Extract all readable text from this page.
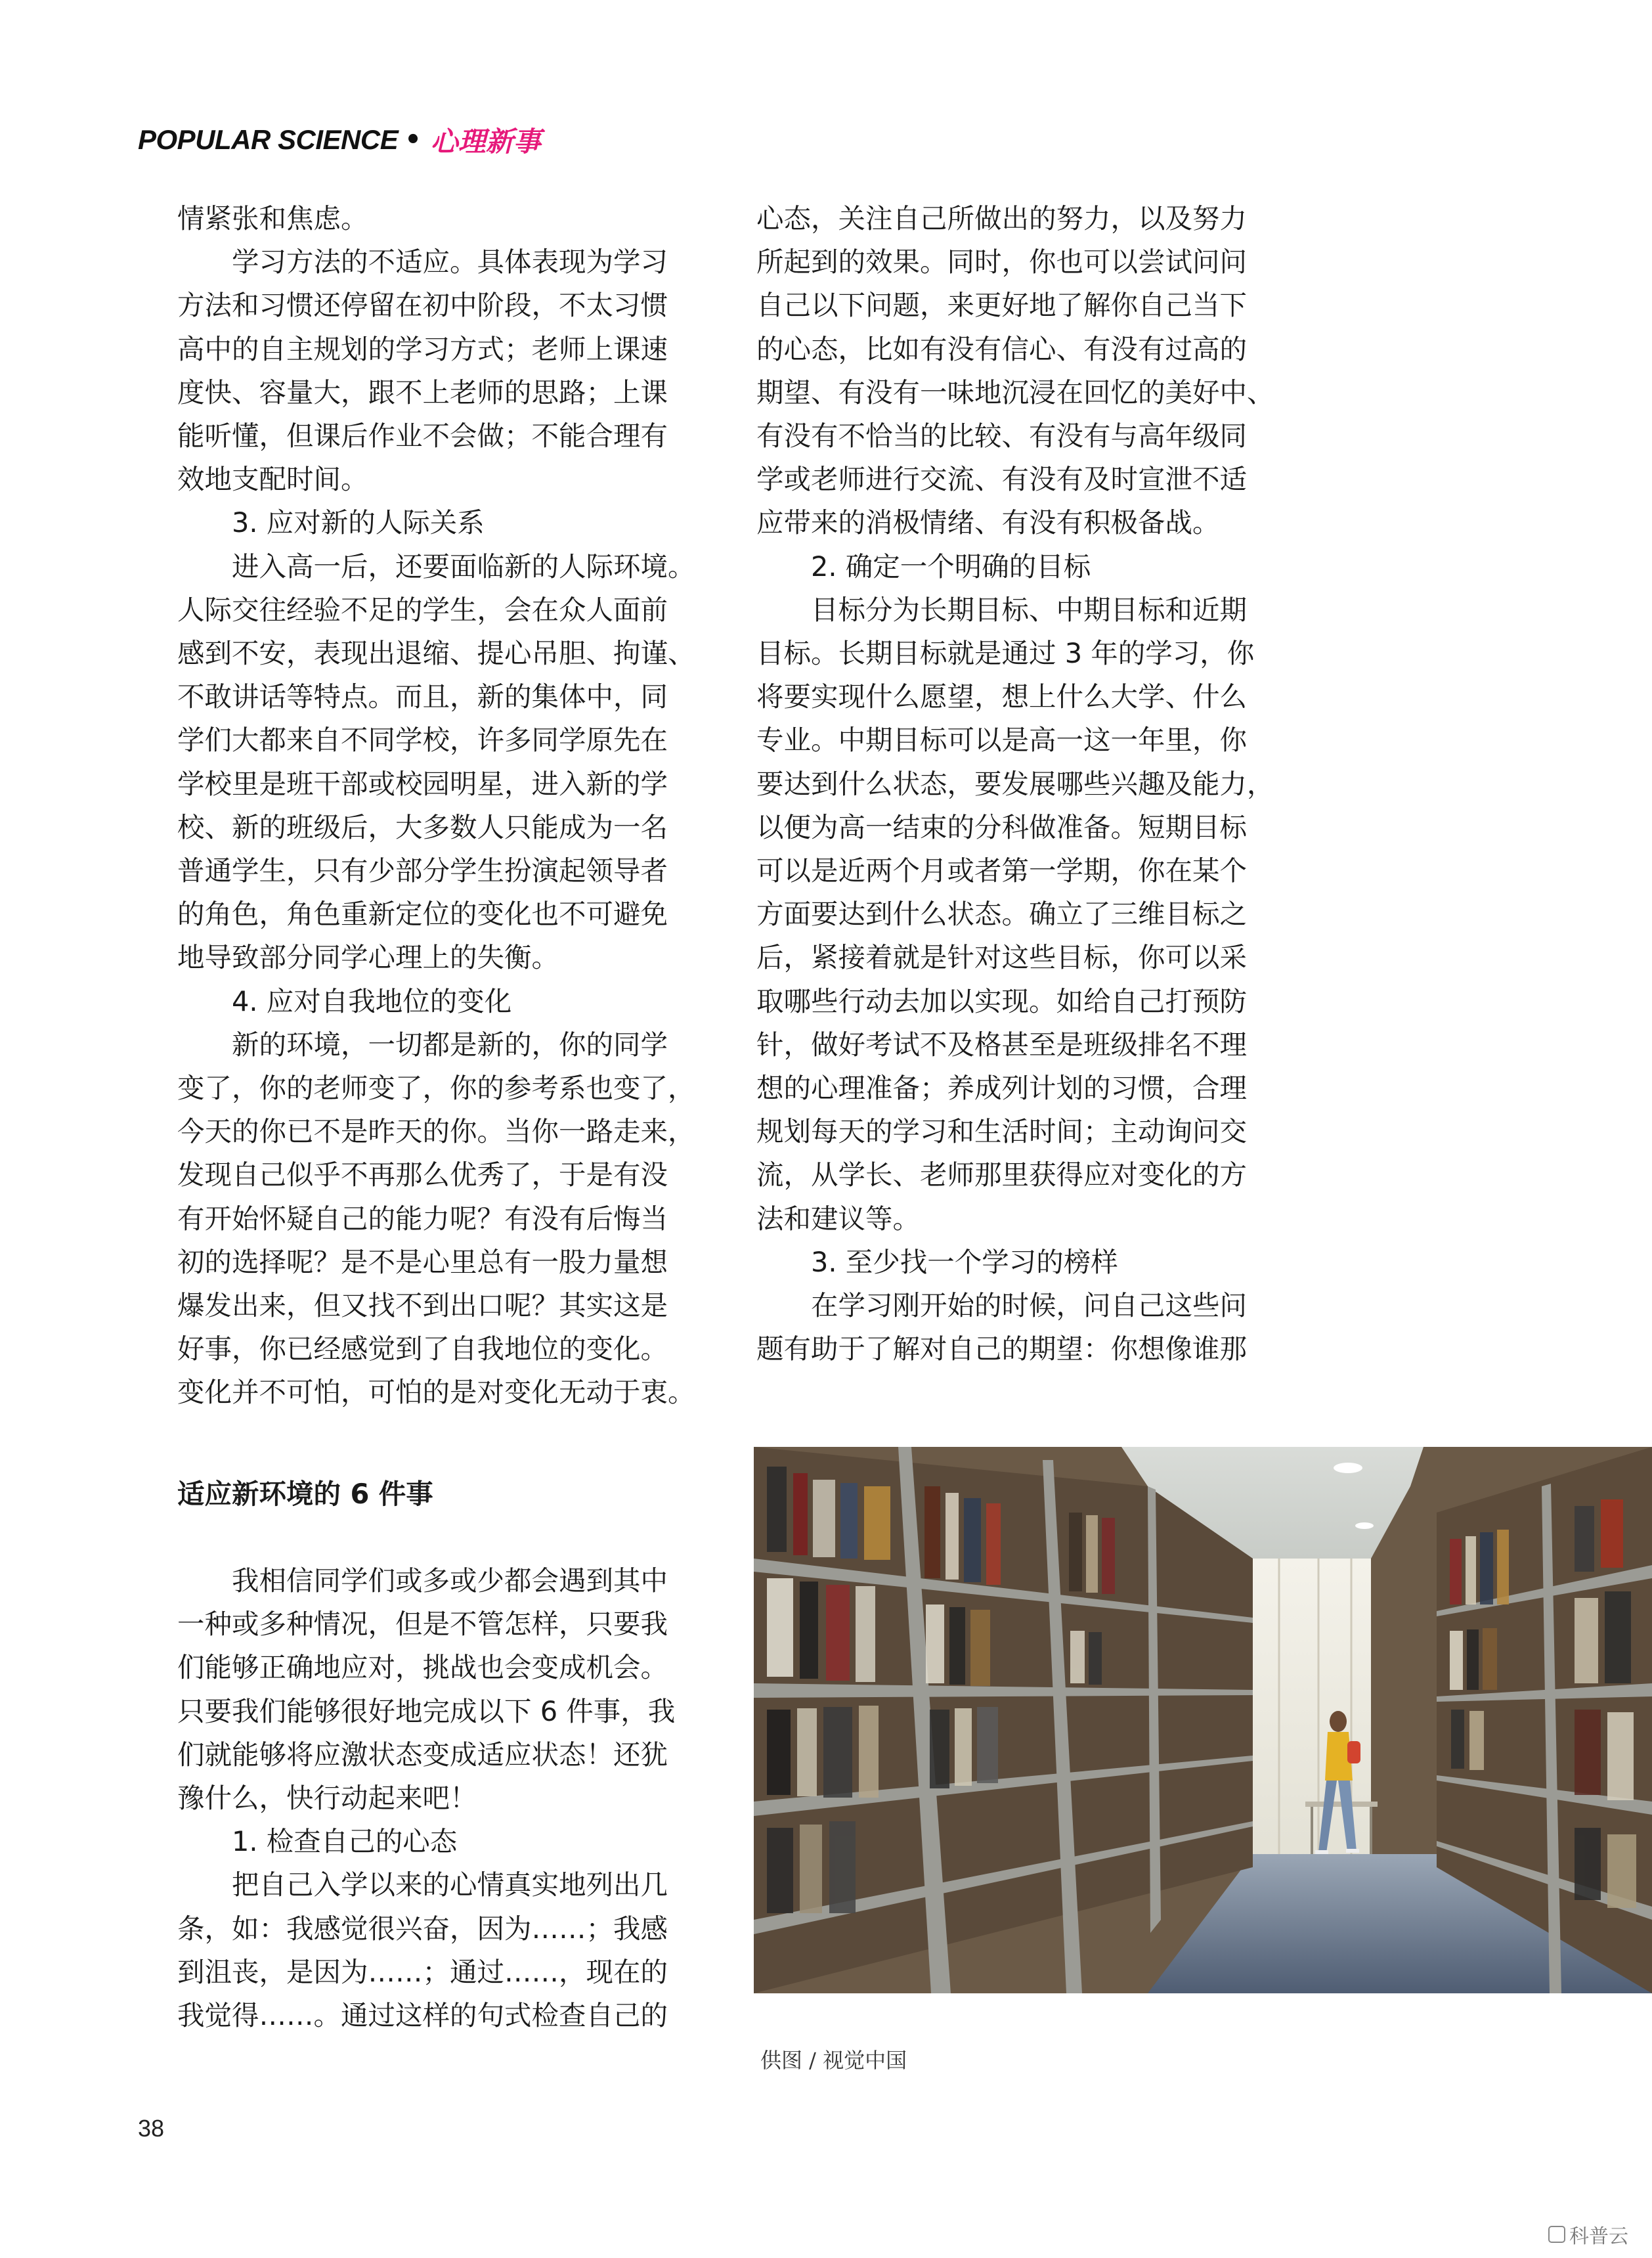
POPULAR SCIENCE • 心理新事

情紧张和焦虑。

　　学习方法的不适应。具体表现为学习

方法和习惯还停留在初中阶段，不太习惯

高中的自主规划的学习方式；老师上课速

度快、容量大，跟不上老师的思路；上课

能听懂，但课后作业不会做；不能合理有

效地支配时间。

　　3. 应对新的人际关系

　　进入高一后，还要面临新的人际环境。

人际交往经验不足的学生，会在众人面前

感到不安，表现出退缩、提心吊胆、拘谨、

不敢讲话等特点。而且，新的集体中，同

学们大都来自不同学校，许多同学原先在

学校里是班干部或校园明星，进入新的学

校、新的班级后，大多数人只能成为一名

普通学生，只有少部分学生扮演起领导者

的角色，角色重新定位的变化也不可避免

地导致部分同学心理上的失衡。

　　4. 应对自我地位的变化

　　新的环境，一切都是新的，你的同学

变了，你的老师变了，你的参考系也变了，

今天的你已不是昨天的你。当你一路走来，

发现自己似乎不再那么优秀了，于是有没

有开始怀疑自己的能力呢？有没有后悔当

初的选择呢？是不是心里总有一股力量想

爆发出来，但又找不到出口呢？其实这是

好事，你已经感觉到了自我地位的变化。

变化并不可怕，可怕的是对变化无动于衷。

适应新环境的 6 件事

　　我相信同学们或多或少都会遇到其中

一种或多种情况，但是不管怎样，只要我

们能够正确地应对，挑战也会变成机会。

只要我们能够很好地完成以下 6 件事，我

们就能够将应激状态变成适应状态！还犹

豫什么，快行动起来吧！

　　1. 检查自己的心态

　　把自己入学以来的心情真实地列出几

条，如：我感觉很兴奋，因为……；我感

到沮丧，是因为……；通过……，现在的

我觉得……。通过这样的句式检查自己的

心态，关注自己所做出的努力，以及努力

所起到的效果。同时，你也可以尝试问问

自己以下问题，来更好地了解你自己当下

的心态，比如有没有信心、有没有过高的

期望、有没有一味地沉浸在回忆的美好中、

有没有不恰当的比较、有没有与高年级同

学或老师进行交流、有没有及时宣泄不适

应带来的消极情绪、有没有积极备战。

　　2. 确定一个明确的目标

　　目标分为长期目标、中期目标和近期

目标。长期目标就是通过 3 年的学习，你

将要实现什么愿望，想上什么大学、什么

专业。中期目标可以是高一这一年里，你

要达到什么状态，要发展哪些兴趣及能力，

以便为高一结束的分科做准备。短期目标

可以是近两个月或者第一学期，你在某个

方面要达到什么状态。确立了三维目标之

后，紧接着就是针对这些目标，你可以采

取哪些行动去加以实现。如给自己打预防

针，做好考试不及格甚至是班级排名不理

想的心理准备；养成列计划的习惯，合理

规划每天的学习和生活时间；主动询问交

流，从学长、老师那里获得应对变化的方

法和建议等。

　　3. 至少找一个学习的榜样

　　在学习刚开始的时候，问自己这些问

题有助于了解对自己的期望：你想像谁那

供图 / 视觉中国
38
科普云
